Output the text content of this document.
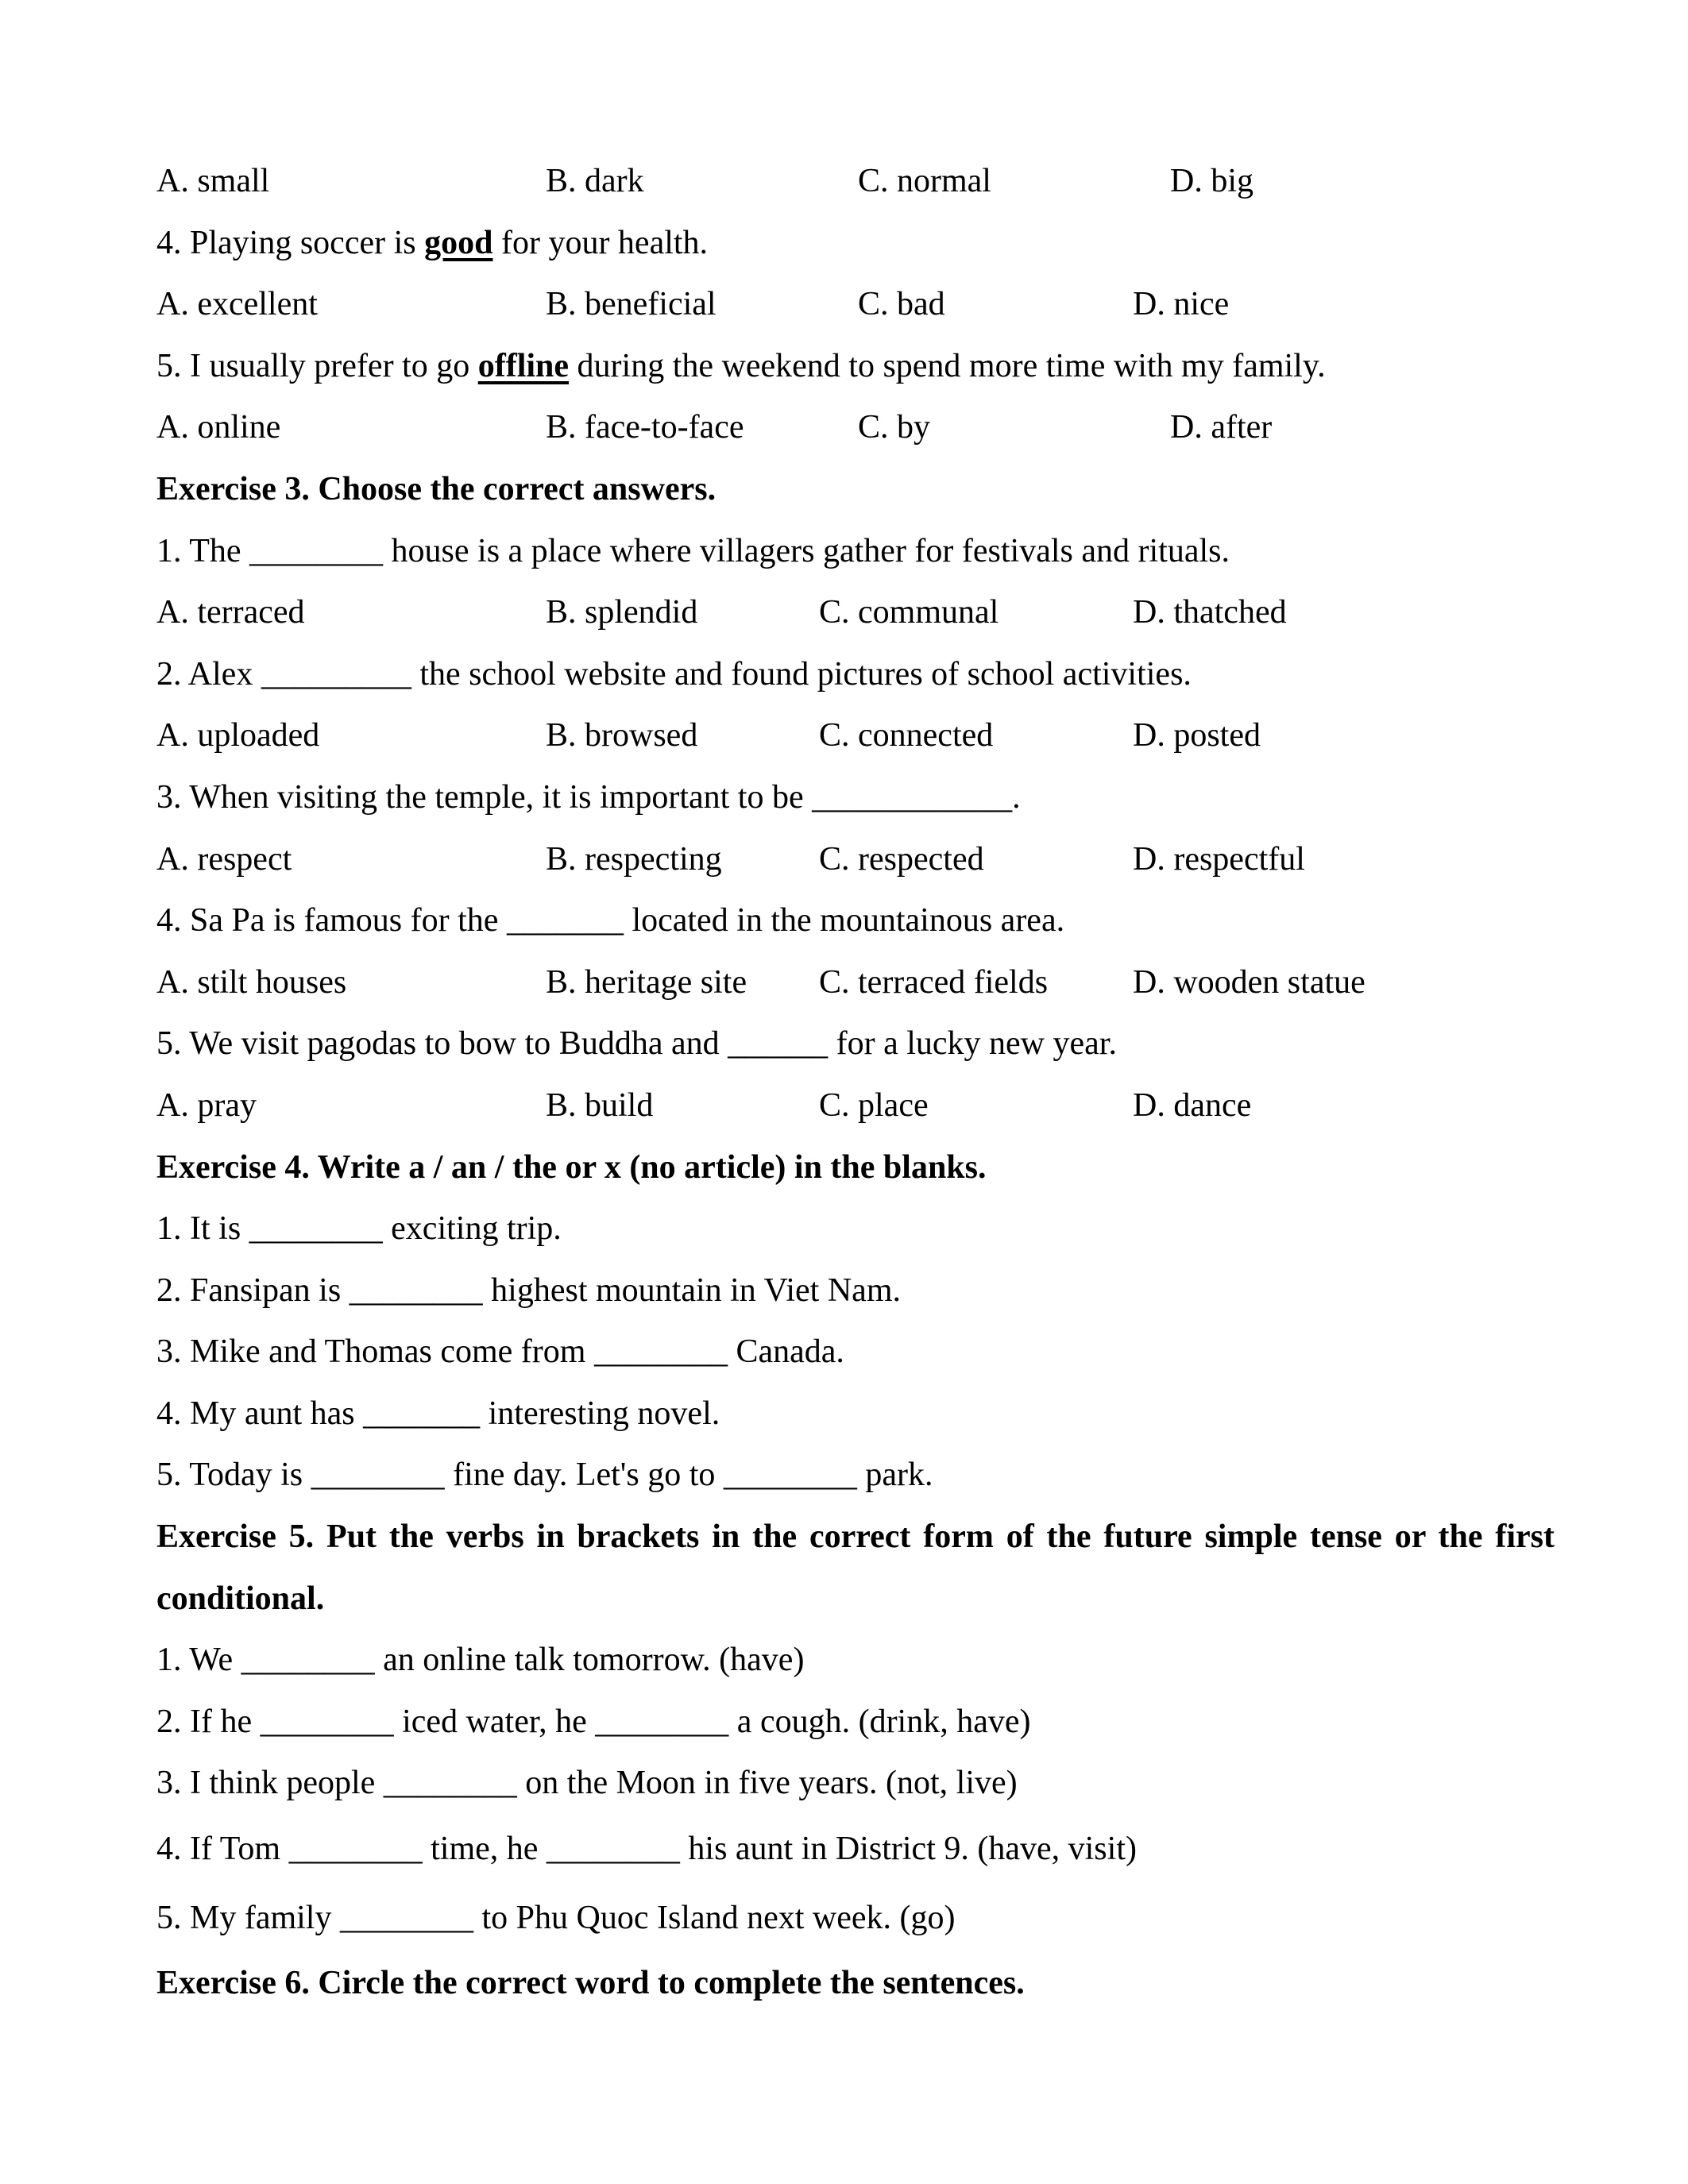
A. small	B. dark	C. normal	D. big
4. Playing soccer is good for your health.
A. excellent	B. beneficial	C. bad	D. nice
5. I usually prefer to go offline during the weekend to spend more time with my family.
A. online	B. face-to-face	C. by	D. after
Exercise 3. Choose the correct answers.
1. The ________ house is a place where villagers gather for festivals and rituals.
A. terraced	B. splendid	C. communal	D. thatched
2. Alex _________ the school website and found pictures of school activities.
A. uploaded	B. browsed	C. connected	D. posted
3. When visiting the temple, it is important to be ____________.
A. respect	B. respecting	C. respected	D. respectful
4. Sa Pa is famous for the _______ located in the mountainous area.
A. stilt houses	B. heritage site C. terraced fields	D. wooden statue
5. We visit pagodas to bow to Buddha and ______ for a lucky new year.
A. pray	B. build	C. place	D. dance
Exercise 4. Write a / an / the or x (no article) in the blanks.
1. It is ________ exciting trip.
2. Fansipan is ________ highest mountain in Viet Nam.
3. Mike and Thomas come from ________ Canada.
4. My aunt has _______ interesting novel.
5. Today is ________ fine day. Let's go to ________ park.
Exercise 5. Put the verbs in brackets in the correct form of the future simple tense or the first conditional.
1. We ________ an online talk tomorrow. (have)
2. If he ________ iced water, he ________ a cough. (drink, have)
3. I think people ________ on the Moon in five years. (not, live)
4. If Tom ________ time, he ________ his aunt in District 9. (have, visit)
5. My family ________ to Phu Quoc Island next week. (go)
Exercise 6. Circle the correct word to complete the sentences.
